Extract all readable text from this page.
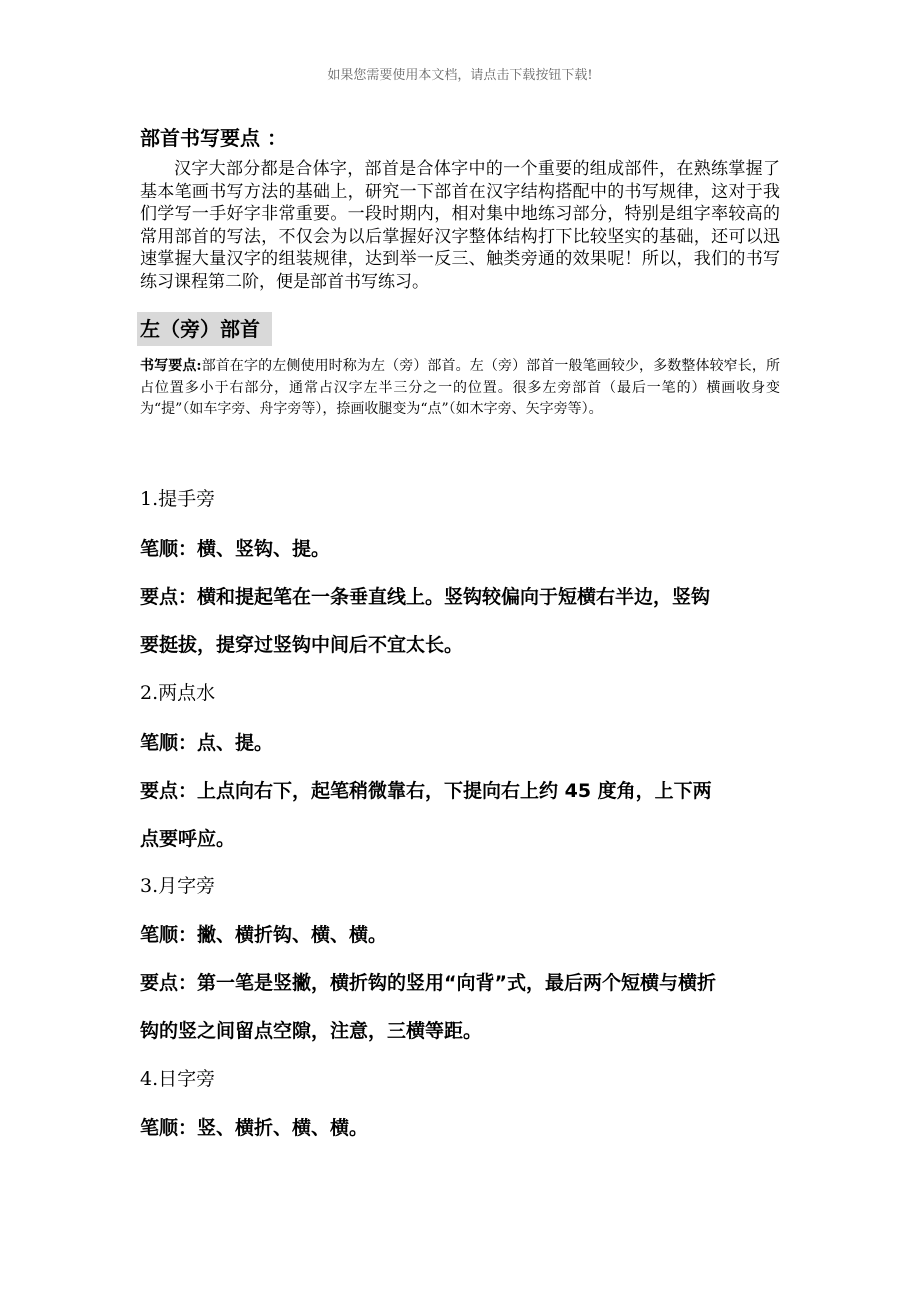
如果您需要使用本文档，请点击下载按钮下载!
部首书写要点 ：

汉字大部分都是合体字，部首是合体字中的一个重要的组成部件，在熟练掌握了基本笔画书写方法的基础上，研究一下部首在汉字结构搭配中的书写规律，这对于我们学写一手好字非常重要。一段时期内，相对集中地练习部分，特别是组字率较高的常用部首的写法，不仅会为以后掌握好汉字整体结构打下比较坚实的基础，还可以迅速掌握大量汉字的组装规律，达到举一反三、触类旁通的效果呢！所以，我们的书写练习课程第二阶，便是部首书写练习。

左（旁）部首

书写要点:部首在字的左侧使用时称为左（旁）部首。左（旁）部首一般笔画较少，多数整体较窄长，所占位置多小于右部分，通常占汉字左半三分之一的位置。很多左旁部首（最后一笔的）横画收身变为“提”（如车字旁、舟字旁等），捺画收腿变为“点”（如木字旁、矢字旁等）。

1.提手旁
笔顺：横、竖钩、提。
要点：横和提起笔在一条垂直线上。竖钩较偏向于短横右半边，竖钩
要挺拔，提穿过竖钩中间后不宜太长。
2.两点水
笔顺：点、提。
要点：上点向右下，起笔稍微靠右，下提向右上约 45 度角，上下两
点要呼应。
3.月字旁
笔顺：撇、横折钩、横、横。
要点：第一笔是竖撇，横折钩的竖用“向背”式，最后两个短横与横折
钩的竖之间留点空隙，注意，三横等距。
4.日字旁
笔顺：竖、横折、横、横。
